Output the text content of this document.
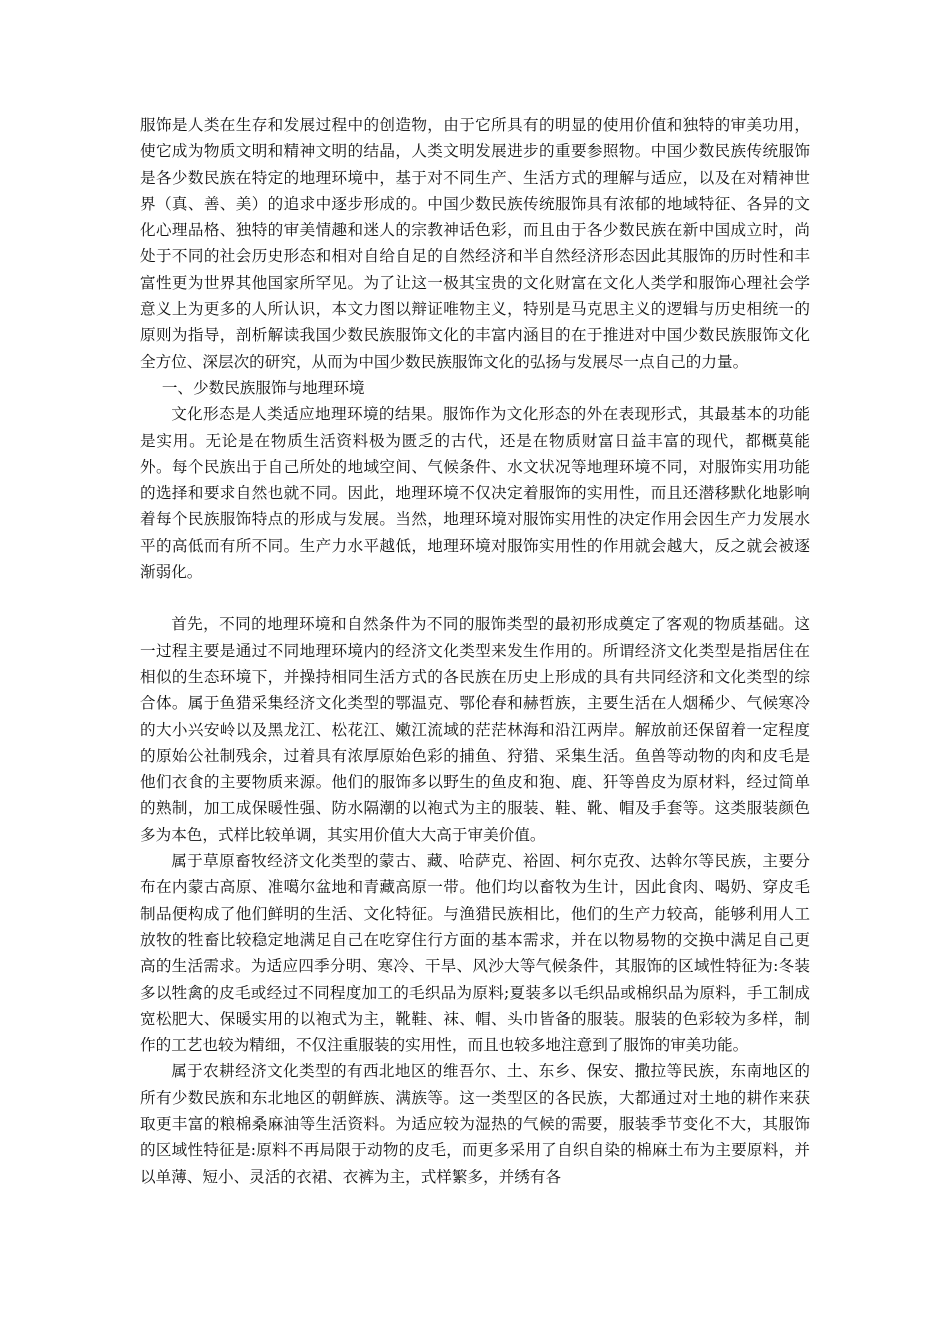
服饰是人类在生存和发展过程中的创造物，由于它所具有的明显的使用价值和独特的审美功用，使它成为物质文明和精神文明的结晶，人类文明发展进步的重要参照物。中国少数民族传统服饰是各少数民族在特定的地理环境中，基于对不同生产、生活方式的理解与适应，以及在对精神世界（真、善、美）的追求中逐步形成的。中国少数民族传统服饰具有浓郁的地域特征、各异的文化心理品格、独特的审美情趣和迷人的宗教神话色彩，而且由于各少数民族在新中国成立时，尚处于不同的社会历史形态和相对自给自足的自然经济和半自然经济形态因此其服饰的历时性和丰富性更为世界其他国家所罕见。为了让这一极其宝贵的文化财富在文化人类学和服饰心理社会学意义上为更多的人所认识，本文力图以辩证唯物主义，特别是马克思主义的逻辑与历史相统一的原则为指导，剖析解读我国少数民族服饰文化的丰富内涵目的在于推进对中国少数民族服饰文化全方位、深层次的研究，从而为中国少数民族服饰文化的弘扬与发展尽一点自己的力量。

一、少数民族服饰与地理环境

文化形态是人类适应地理环境的结果。服饰作为文化形态的外在表现形式，其最基本的功能是实用。无论是在物质生活资料极为匮乏的古代，还是在物质财富日益丰富的现代，都概莫能外。每个民族出于自己所处的地域空间、气候条件、水文状况等地理环境不同，对服饰实用功能的选择和要求自然也就不同。因此，地理环境不仅决定着服饰的实用性，而且还潜移默化地影响着每个民族服饰特点的形成与发展。当然，地理环境对服饰实用性的决定作用会因生产力发展水平的高低而有所不同。生产力水平越低，地理环境对服饰实用性的作用就会越大，反之就会被逐渐弱化。

首先，不同的地理环境和自然条件为不同的服饰类型的最初形成奠定了客观的物质基础。这一过程主要是通过不同地理环境内的经济文化类型来发生作用的。所谓经济文化类型是指居住在相似的生态环境下，并操持相同生活方式的各民族在历史上形成的具有共同经济和文化类型的综合体。属于鱼猎采集经济文化类型的鄂温克、鄂伦春和赫哲族，主要生活在人烟稀少、气候寒冷的大小兴安岭以及黑龙江、松花江、嫩江流域的茫茫林海和沿江两岸。解放前还保留着一定程度的原始公社制残余，过着具有浓厚原始色彩的捕鱼、狩猎、采集生活。鱼兽等动物的肉和皮毛是他们衣食的主要物质来源。他们的服饰多以野生的鱼皮和狍、鹿、犴等兽皮为原材料，经过简单的熟制，加工成保暖性强、防水隔潮的以袍式为主的服装、鞋、靴、帽及手套等。这类服装颜色多为本色，式样比较单调，其实用价值大大高于审美价值。

属于草原畜牧经济文化类型的蒙古、藏、哈萨克、裕固、柯尔克孜、达斡尔等民族，主要分布在内蒙古高原、准噶尔盆地和青藏高原一带。他们均以畜牧为生计，因此食肉、喝奶、穿皮毛制品便构成了他们鲜明的生活、文化特征。与渔猎民族相比，他们的生产力较高，能够利用人工放牧的牲畜比较稳定地满足自己在吃穿住行方面的基本需求，并在以物易物的交换中满足自己更高的生活需求。为适应四季分明、寒冷、干旱、风沙大等气候条件，其服饰的区域性特征为:冬装多以牲禽的皮毛或经过不同程度加工的毛织品为原料;夏装多以毛织品或棉织品为原料，手工制成宽松肥大、保暖实用的以袍式为主，靴鞋、袜、帽、头巾皆备的服装。服装的色彩较为多样，制作的工艺也较为精细，不仅注重服装的实用性，而且也较多地注意到了服饰的审美功能。

属于农耕经济文化类型的有西北地区的维吾尔、土、东乡、保安、撒拉等民族，东南地区的所有少数民族和东北地区的朝鲜族、满族等。这一类型区的各民族，大都通过对土地的耕作来获取更丰富的粮棉桑麻油等生活资料。为适应较为湿热的气候的需要，服装季节变化不大，其服饰的区域性特征是:原料不再局限于动物的皮毛，而更多采用了自织自染的棉麻土布为主要原料，并以单薄、短小、灵活的衣裙、衣裤为主，式样繁多，并绣有各
